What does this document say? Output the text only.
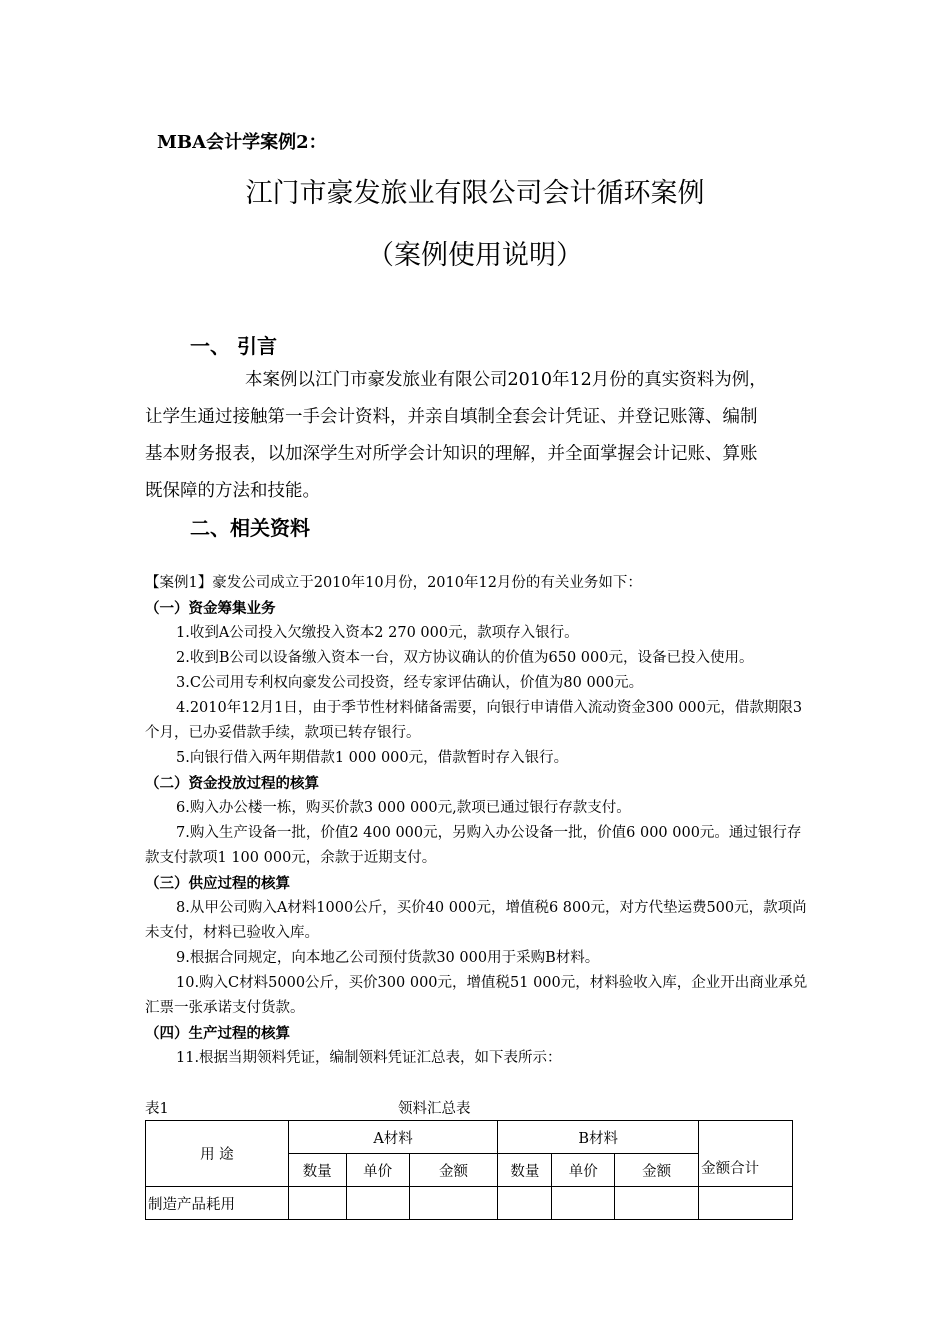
MBA会计学案例2：
江门市豪发旅业有限公司会计循环案例
（案例使用说明）
一、 引言

本案例以江门市豪发旅业有限公司2010年12月份的真实资料为例，

让学生通过接触第一手会计资料，并亲自填制全套会计凭证、并登记账簿、编制

基本财务报表，以加深学生对所学会计知识的理解，并全面掌握会计记账、算账

既保障的方法和技能。

二、相关资料

【案例1】豪发公司成立于2010年10月份，2010年12月份的有关业务如下：

（一）资金筹集业务

1.收到A公司投入欠缴投入资本2 270 000元，款项存入银行。

2.收到B公司以设备缴入资本一台，双方协议确认的价值为650 000元，设备已投入使用。

3.C公司用专利权向豪发公司投资，经专家评估确认，价值为80 000元。

4.2010年12月1日，由于季节性材料储备需要，向银行申请借入流动资金300 000元，借款期限3个月，已办妥借款手续，款项已转存银行。

5.向银行借入两年期借款1 000 000元，借款暂时存入银行。

（二）资金投放过程的核算

6.购入办公楼一栋，购买价款3 000 000元,款项已通过银行存款支付。

7.购入生产设备一批，价值2 400 000元，另购入办公设备一批，价值6 000 000元。通过银行存款支付款项1 100 000元，余款于近期支付。

（三）供应过程的核算

8.从甲公司购入A材料1000公斤，买价40 000元，增值税6 800元，对方代垫运费500元，款项尚未支付，材料已验收入库。

9.根据合同规定，向本地乙公司预付货款30 000用于采购B材料。

10.购入C材料5000公斤，买价300 000元，增值税51 000元，材料验收入库，企业开出商业承兑汇票一张承诺支付货款。

（四）生产过程的核算

11.根据当期领料凭证，编制领料凭证汇总表，如下表所示：

表1	领料汇总表
用 途	A材料			B材料			金额合计
	数量	单价	金额	数量	单价	金额	
制造产品耗用							
